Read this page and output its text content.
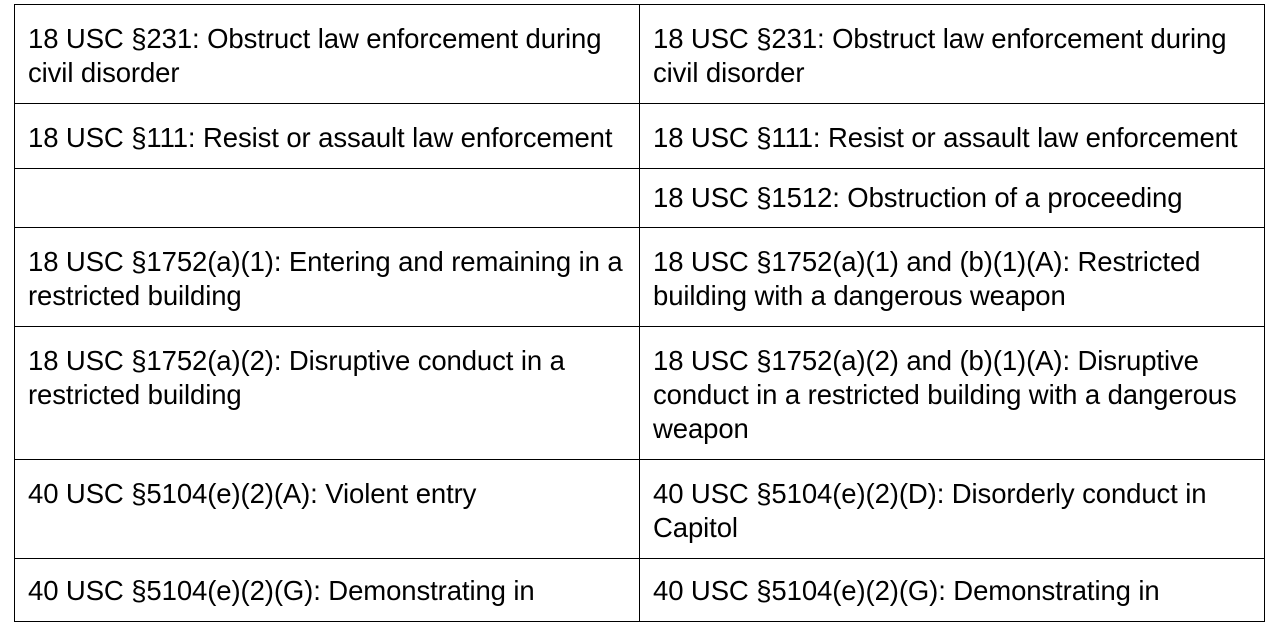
18 USC §231: Obstruct law enforcement during civil disorder	18 USC §231: Obstruct law enforcement during civil disorder
18 USC §111: Resist or assault law enforcement	18 USC §111: Resist or assault law enforcement
	18 USC §1512: Obstruction of a proceeding
18 USC §1752(a)(1): Entering and remaining in a restricted building	18 USC §1752(a)(1) and (b)(1)(A): Restricted building with a dangerous weapon
18 USC §1752(a)(2): Disruptive conduct in a restricted building	18 USC §1752(a)(2) and (b)(1)(A): Disruptive conduct in a restricted building with a dangerous weapon
40 USC §5104(e)(2)(A): Violent entry	40 USC §5104(e)(2)(D): Disorderly conduct in Capitol
40 USC §5104(e)(2)(G): Demonstrating in	40 USC §5104(e)(2)(G): Demonstrating in
